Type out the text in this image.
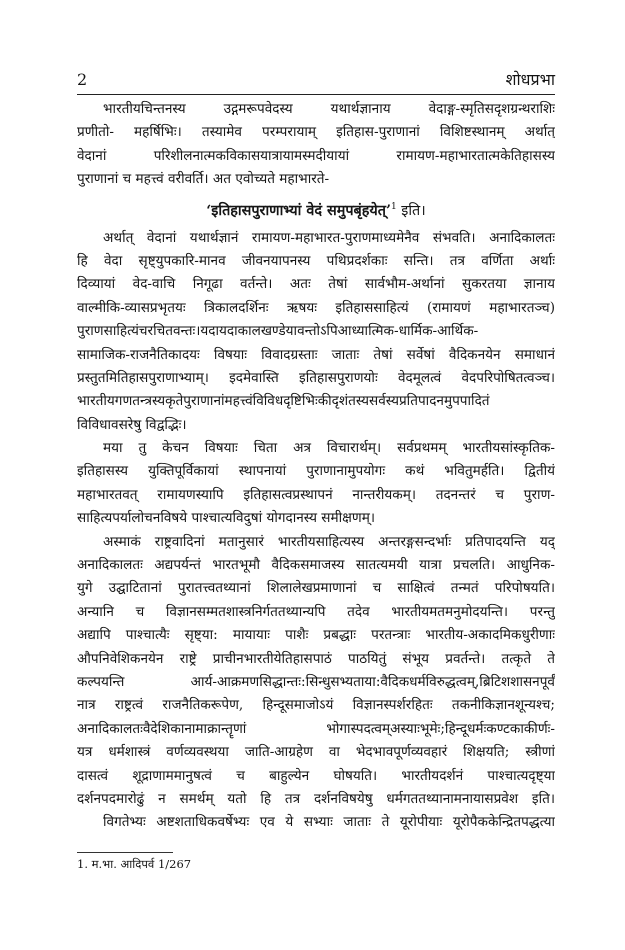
2	शोधप्रभा
भारतीयचिन्तनस्य उद्गमरूपवेदस्य यथार्थज्ञानाय वेदाङ्ग-स्मृतिसदृशग्रन्थराशिः
प्रणीतो- महर्षिभिः। तस्यामेव परम्परायाम् इतिहास-पुराणानां विशिष्टस्थानम् अर्थात्
वेदानां परिशीलनात्मकविकासयात्रायामस्मदीयायां रामायण-महाभारतात्मकेतिहासस्य
पुराणानां च महत्त्वं वरीवर्ति। अत एवोच्यते महाभारते-
‘इतिहासपुराणाभ्यां वेदं समुपबृंहयेत्’$^1$ इति।
अर्थात् वेदानां यथार्थज्ञानं रामायण-महाभारत-पुराणमाध्यमेनैव संभवति। अनादिकालतः
हि वेदा सृष्ट्युपकारि-मानव जीवनयापनस्य पथिप्रदर्शकाः सन्ति। तत्र वर्णिता अर्थाः
दिव्यायां वेद-वाचि निगूढा वर्तन्ते। अतः तेषां सार्वभौम-अर्थानां सुकरतया ज्ञानाय
वाल्मीकि-व्यासप्रभृतयः त्रिकालदर्शिनः ऋषयः इतिहाससाहित्यं (रामायणं महाभारतञ्च)
पुराणसाहित्यंचरचितवन्तः।यदायदाकालखण्डेयावन्तोऽपिआध्यात्मिक-धार्मिक-आर्थिक-
सामाजिक-राजनैतिकादयः विषयाः विवादग्रस्ताः जाताः तेषां सर्वेषां वैदिकनयेन समाधानं
प्रस्तुतमितिहासपुराणाभ्याम्। इदमेवास्ति इतिहासपुराणयोः वेदमूलत्वं वेदपरिपोषितत्वञ्च।
भारतीयगणतन्त्रस्यकृतेपुराणानांमहत्त्वंविविधदृष्टिभिःकीदृशंतस्यसर्वस्यप्रतिपादनमुपपादितं
विविधावसरेषु विद्वद्भिः।
मया तु केचन विषयाः चिता अत्र विचारार्थम्। सर्वप्रथमम् भारतीयसांस्कृतिक-
इतिहासस्य युक्तिपूर्विकायां स्थापनायां पुराणानामुपयोगः कथं भवितुमर्हति। द्वितीयं
महाभारतवत् रामायणस्यापि इतिहासत्वप्रस्थापनं नान्तरीयकम्। तदनन्तरं च पुराण-
साहित्यपर्यालोचनविषये पाश्चात्यविदुषां योगदानस्य समीक्षणम्।
अस्माकं राष्ट्रवादिनां मतानुसारं भारतीयसाहित्यस्य अन्तरङ्गसन्दर्भाः प्रतिपादयन्ति यद्
अनादिकालतः अद्यपर्यन्तं भारतभूमौ वैदिकसमाजस्य सातत्यमयी यात्रा प्रचलति। आधुनिक-
युगे उद्घाटितानां पुरातत्त्वतथ्यानां शिलालेखप्रमाणानां च साक्षित्वं तन्मतं परिपोषयति।
अन्यानि च विज्ञानसम्मतशास्त्रनिर्गततथ्यान्यपि तदेव भारतीयमतमनुमोदयन्ति। परन्तु
अद्यापि पाश्चात्यैः सृष्ट्या: मायायाः पाशैः प्रबद्धाः परतन्त्राः भारतीय-अकादमिकधुरीणाः
औपनिवेशिकनयेन राष्ट्रे प्राचीनभारतीयेतिहासपाठं पाठयितुं संभूय प्रवर्तन्ते। तत्कृते ते
कल्पयन्ति आर्य-आक्रमणसिद्धान्तः:सिन्धुसभ्यताया:वैदिकधर्मविरुद्धत्वम्,ब्रिटिशशासनपूर्वं
नात्र राष्ट्रत्वं राजनैतिकरूपेण, हिन्दूसमाजोऽयं विज्ञानस्पर्शरहितः तकनीकिज्ञानशून्यश्च;
अनादिकालतःवैदेशिकानामाक्रान्तॄणां भोगास्पदत्वम्अस्याःभूमेः;हिन्दूधर्मःकण्टकाकीर्णः-
यत्र धर्मशास्त्रं वर्णव्यवस्थया जाति-आग्रहेण वा भेदभावपूर्णव्यवहारं शिक्षयति; स्त्रीणां
दासत्वं शूद्राणाममानुषत्वं च बाहुल्येन घोषयति। भारतीयदर्शनं पाश्चात्यदृष्ट्या
दर्शनपदमारोढुं न समर्थम् यतो हि तत्र दर्शनविषयेषु धर्मगततथ्यानामनायासप्रवेश इति।
विगतेभ्यः अष्टशताधिकवर्षेभ्यः एव ये सभ्याः जाताः ते यूरोपीयाः यूरोपैककेन्द्रितपद्धत्या
1. म.भा. आदिपर्व 1/267
